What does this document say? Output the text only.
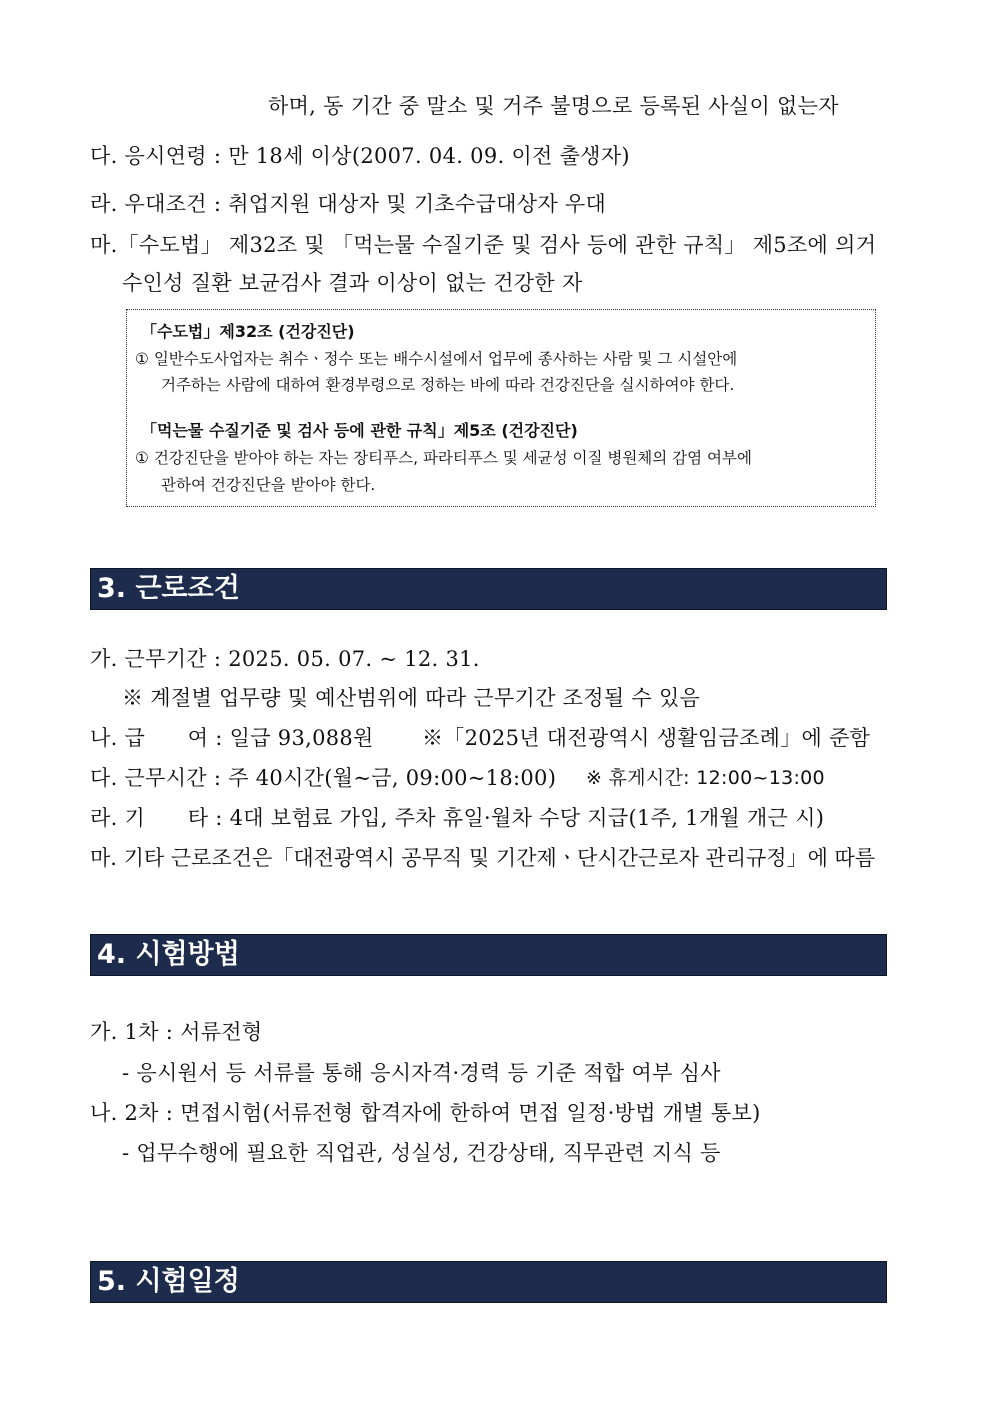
하며, 동 기간 중 말소 및 거주 불명으로 등록된 사실이 없는자
다. 응시연령 : 만 18세 이상(2007. 04. 09. 이전 출생자)
라. 우대조건 : 취업지원 대상자 및 기초수급대상자 우대
마.「수도법」 제32조 및 「먹는물 수질기준 및 검사 등에 관한 규칙」 제5조에 의거
수인성 질환 보균검사 결과 이상이 없는 건강한 자
「수도법」제32조 (건강진단)
① 일반수도사업자는 취수ㆍ정수 또는 배수시설에서 업무에 종사하는 사람 및 그 시설안에
거주하는 사람에 대하여 환경부령으로 정하는 바에 따라 건강진단을 실시하여야 한다.
「먹는물 수질기준 및 검사 등에 관한 규칙」제5조 (건강진단)
① 건강진단을 받아야 하는 자는 장티푸스, 파라티푸스 및 세균성 이질 병원체의 감염 여부에
관하여 건강진단을 받아야 한다.
3. 근로조건
가. 근무기간 : 2025. 05. 07. ~ 12. 31.
※ 계절별 업무량 및 예산범위에 따라 근무기간 조정될 수 있음
나. 급　　여 : 일급 93,088원 ※「2025년 대전광역시 생활임금조례」에 준함
다. 근무시간 : 주 40시간(월~금, 09:00~18:00) ※ 휴게시간: 12:00~13:00
라. 기　　타 : 4대 보험료 가입, 주차 휴일·월차 수당 지급(1주, 1개월 개근 시)
마. 기타 근로조건은「대전광역시 공무직 및 기간제ㆍ단시간근로자 관리규정」에 따름
4. 시험방법
가. 1차 : 서류전형
- 응시원서 등 서류를 통해 응시자격·경력 등 기준 적합 여부 심사
나. 2차 : 면접시험(서류전형 합격자에 한하여 면접 일정·방법 개별 통보)
- 업무수행에 필요한 직업관, 성실성, 건강상태, 직무관련 지식 등
5. 시험일정
